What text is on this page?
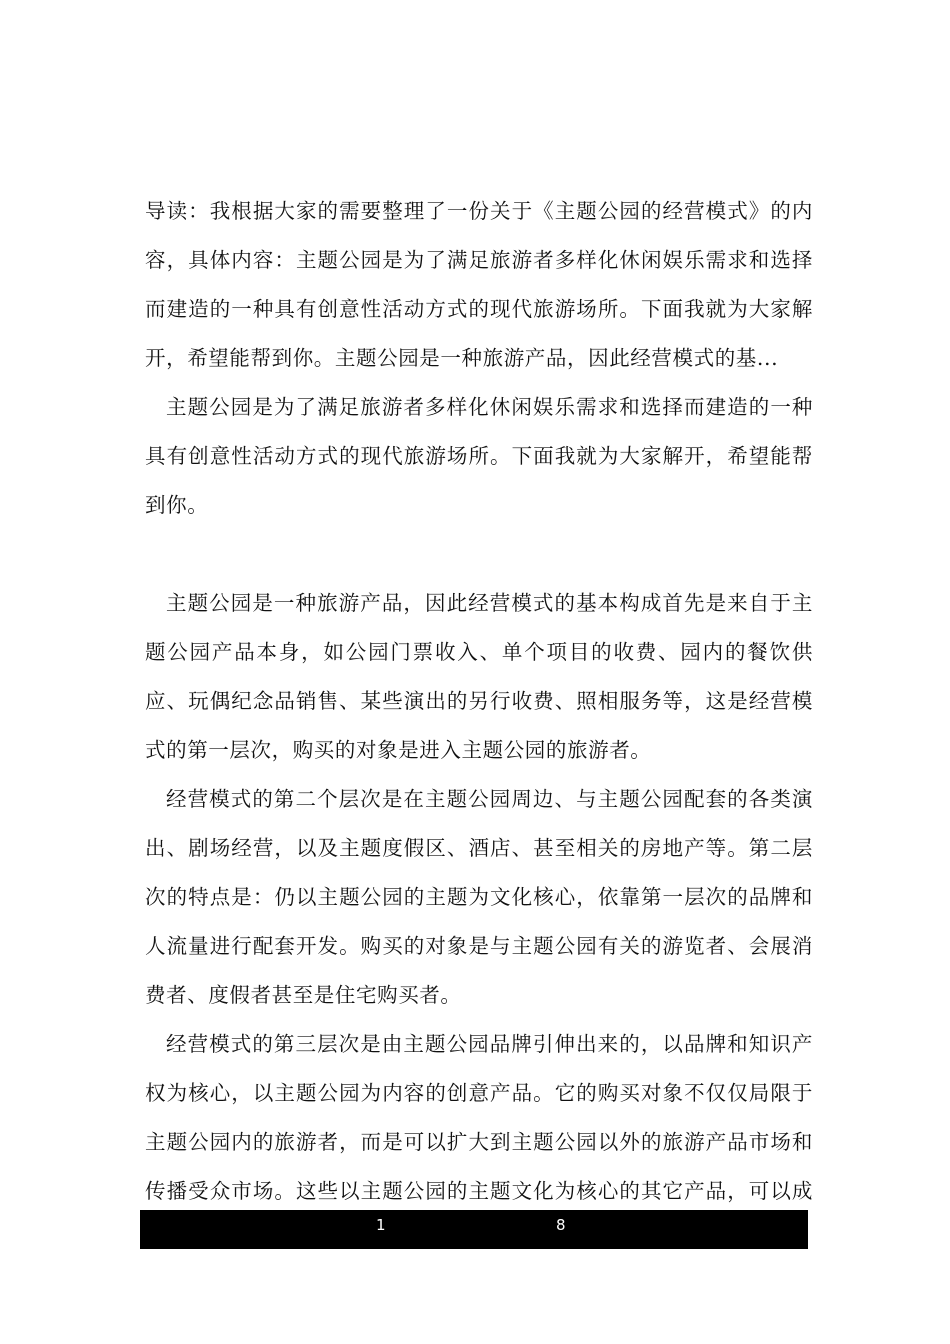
导读：我根据大家的需要整理了一份关于《主题公园的经营模式》的内容，具体内容：主题公园是为了满足旅游者多样化休闲娱乐需求和选择而建造的一种具有创意性活动方式的现代旅游场所。下面我就为大家解开，希望能帮到你。主题公园是一种旅游产品，因此经营模式的基...

主题公园是为了满足旅游者多样化休闲娱乐需求和选择而建造的一种具有创意性活动方式的现代旅游场所。下面我就为大家解开，希望能帮到你。

主题公园是一种旅游产品，因此经营模式的基本构成首先是来自于主题公园产品本身，如公园门票收入、单个项目的收费、园内的餐饮供应、玩偶纪念品销售、某些演出的另行收费、照相服务等，这是经营模式的第一层次，购买的对象是进入主题公园的旅游者。

经营模式的第二个层次是在主题公园周边、与主题公园配套的各类演出、剧场经营，以及主题度假区、酒店、甚至相关的房地产等。第二层次的特点是：仍以主题公园的主题为文化核心，依靠第一层次的品牌和人流量进行配套开发。购买的对象是与主题公园有关的游览者、会展消费者、度假者甚至是住宅购买者。

经营模式的第三层次是由主题公园品牌引伸出来的，以品牌和知识产权为核心，以主题公园为内容的创意产品。它的购买对象不仅仅局限于主题公园内的旅游者，而是可以扩大到主题公园以外的旅游产品市场和传播受众市场。这些以主题公园的主题文化为核心的其它产品，可以成

1	8
